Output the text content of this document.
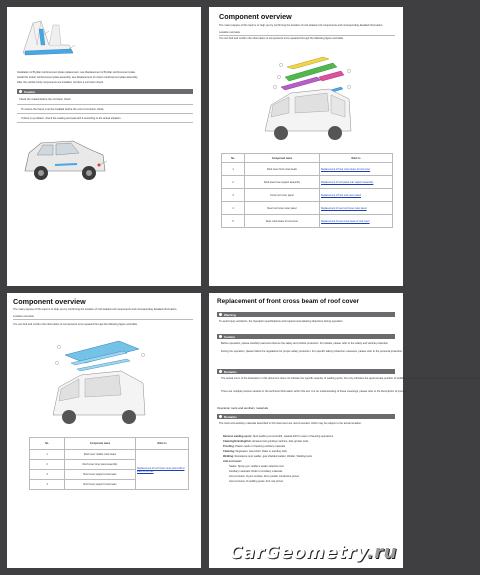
Installation of B pillar reinforcement plate replacement, see Replacement of B pillar reinforcement plate.
Install the rocker reinforcement plate assembly, see Replacement of rocker reinforcement plate assembly.
After the vehicle body components are installed, conduct a corrosion check.
Caution
Check the related before the corrosion check
To ensure the frame must be installed before the end of corrosion check.
If there is a problem, check the sealing and seal with it according to the actual situation.
Component overview
The main purpose of this topic is to help you by confirming the location of roof-related roof components and corresponding detailed information.
Location overview
You can find and confirm the information of components to be repaired through the following figure and table.
No.	Component name	Refer to
1	Roof cover front cross beam	Replacement of front cross beam of roof cover
2	Roof panel rear support assembly	Replacement of roof panel rear support assembly
3	Front roof cover panel	Replacement of front roof cover panel
4	Rear roof cover outer panel	Replacement of rear roof cover outer panel
5	Rear cross beam of roof cover	Replacement of rear cross beam of roof cover
Component overview
The main purpose of this topic is to help you by confirming the location of roof-related roof components and corresponding detailed information.
Location overview
You can find and confirm the information of components to be repaired through the following figure and table.
No.	Component name	Refer to
1	Roof cover middle cross beam	Replacement of roof cover inner panel with a flash rib on roof
2	Roof cover inner panel assembly	
3	Roof cover support cross beam	
4	Roof cover support cross beam	
Replacement of front cross beam of roof cover
Warning
To avoid injury accidents, the Operation specifications and requirements labeling directions during operation.
Caution
Before operation, please carefully read and observe the safety and vehicle protection. For details, please refer to the safety and vehicle protection.
During the operation, please follow the regulations for proper safety protection. For specific safety protection measures, please refer to the personal protection.
Remarks
The actual cut-in of the illustration in this document does not indicate the specific quantity of welding spots, but only indicates the approximate position of welding spots. The specific quantity shall be subject to the actual vehicle.
There are multiple process variants in the technical information within this text. For an understanding of these meanings, please refer to the Description of process.
Operation tools and auxiliary materials
Remarks
The tools and auxiliary materials described in this document are recommended, which may be subject to the actual situation.
Remove welding spots: Spot welding removal drill, spatula drill for seam of faceting operations
Cleaning/Grinding/Cut: abrasive belt grinding machine, disk grinder tools
Proofing: Plastic caulk or Cleaning auxiliary materials
Cleaning: Degreaser, steel cloth, Rake or sanding stick
Welding: Resistance spot welder, gas shielded welder, Welder, Welding tools
Anti-corrosion:
Sealer: Spray gun, Hoffer's sealer selection tool
Auxiliary materials: Refer to Auxiliary materials
Anti-corrosion of joint surface: Zinc powder conductive primer
Anti-corrosion of welding spots: Anti-rust primer
CarGeometry.ru
